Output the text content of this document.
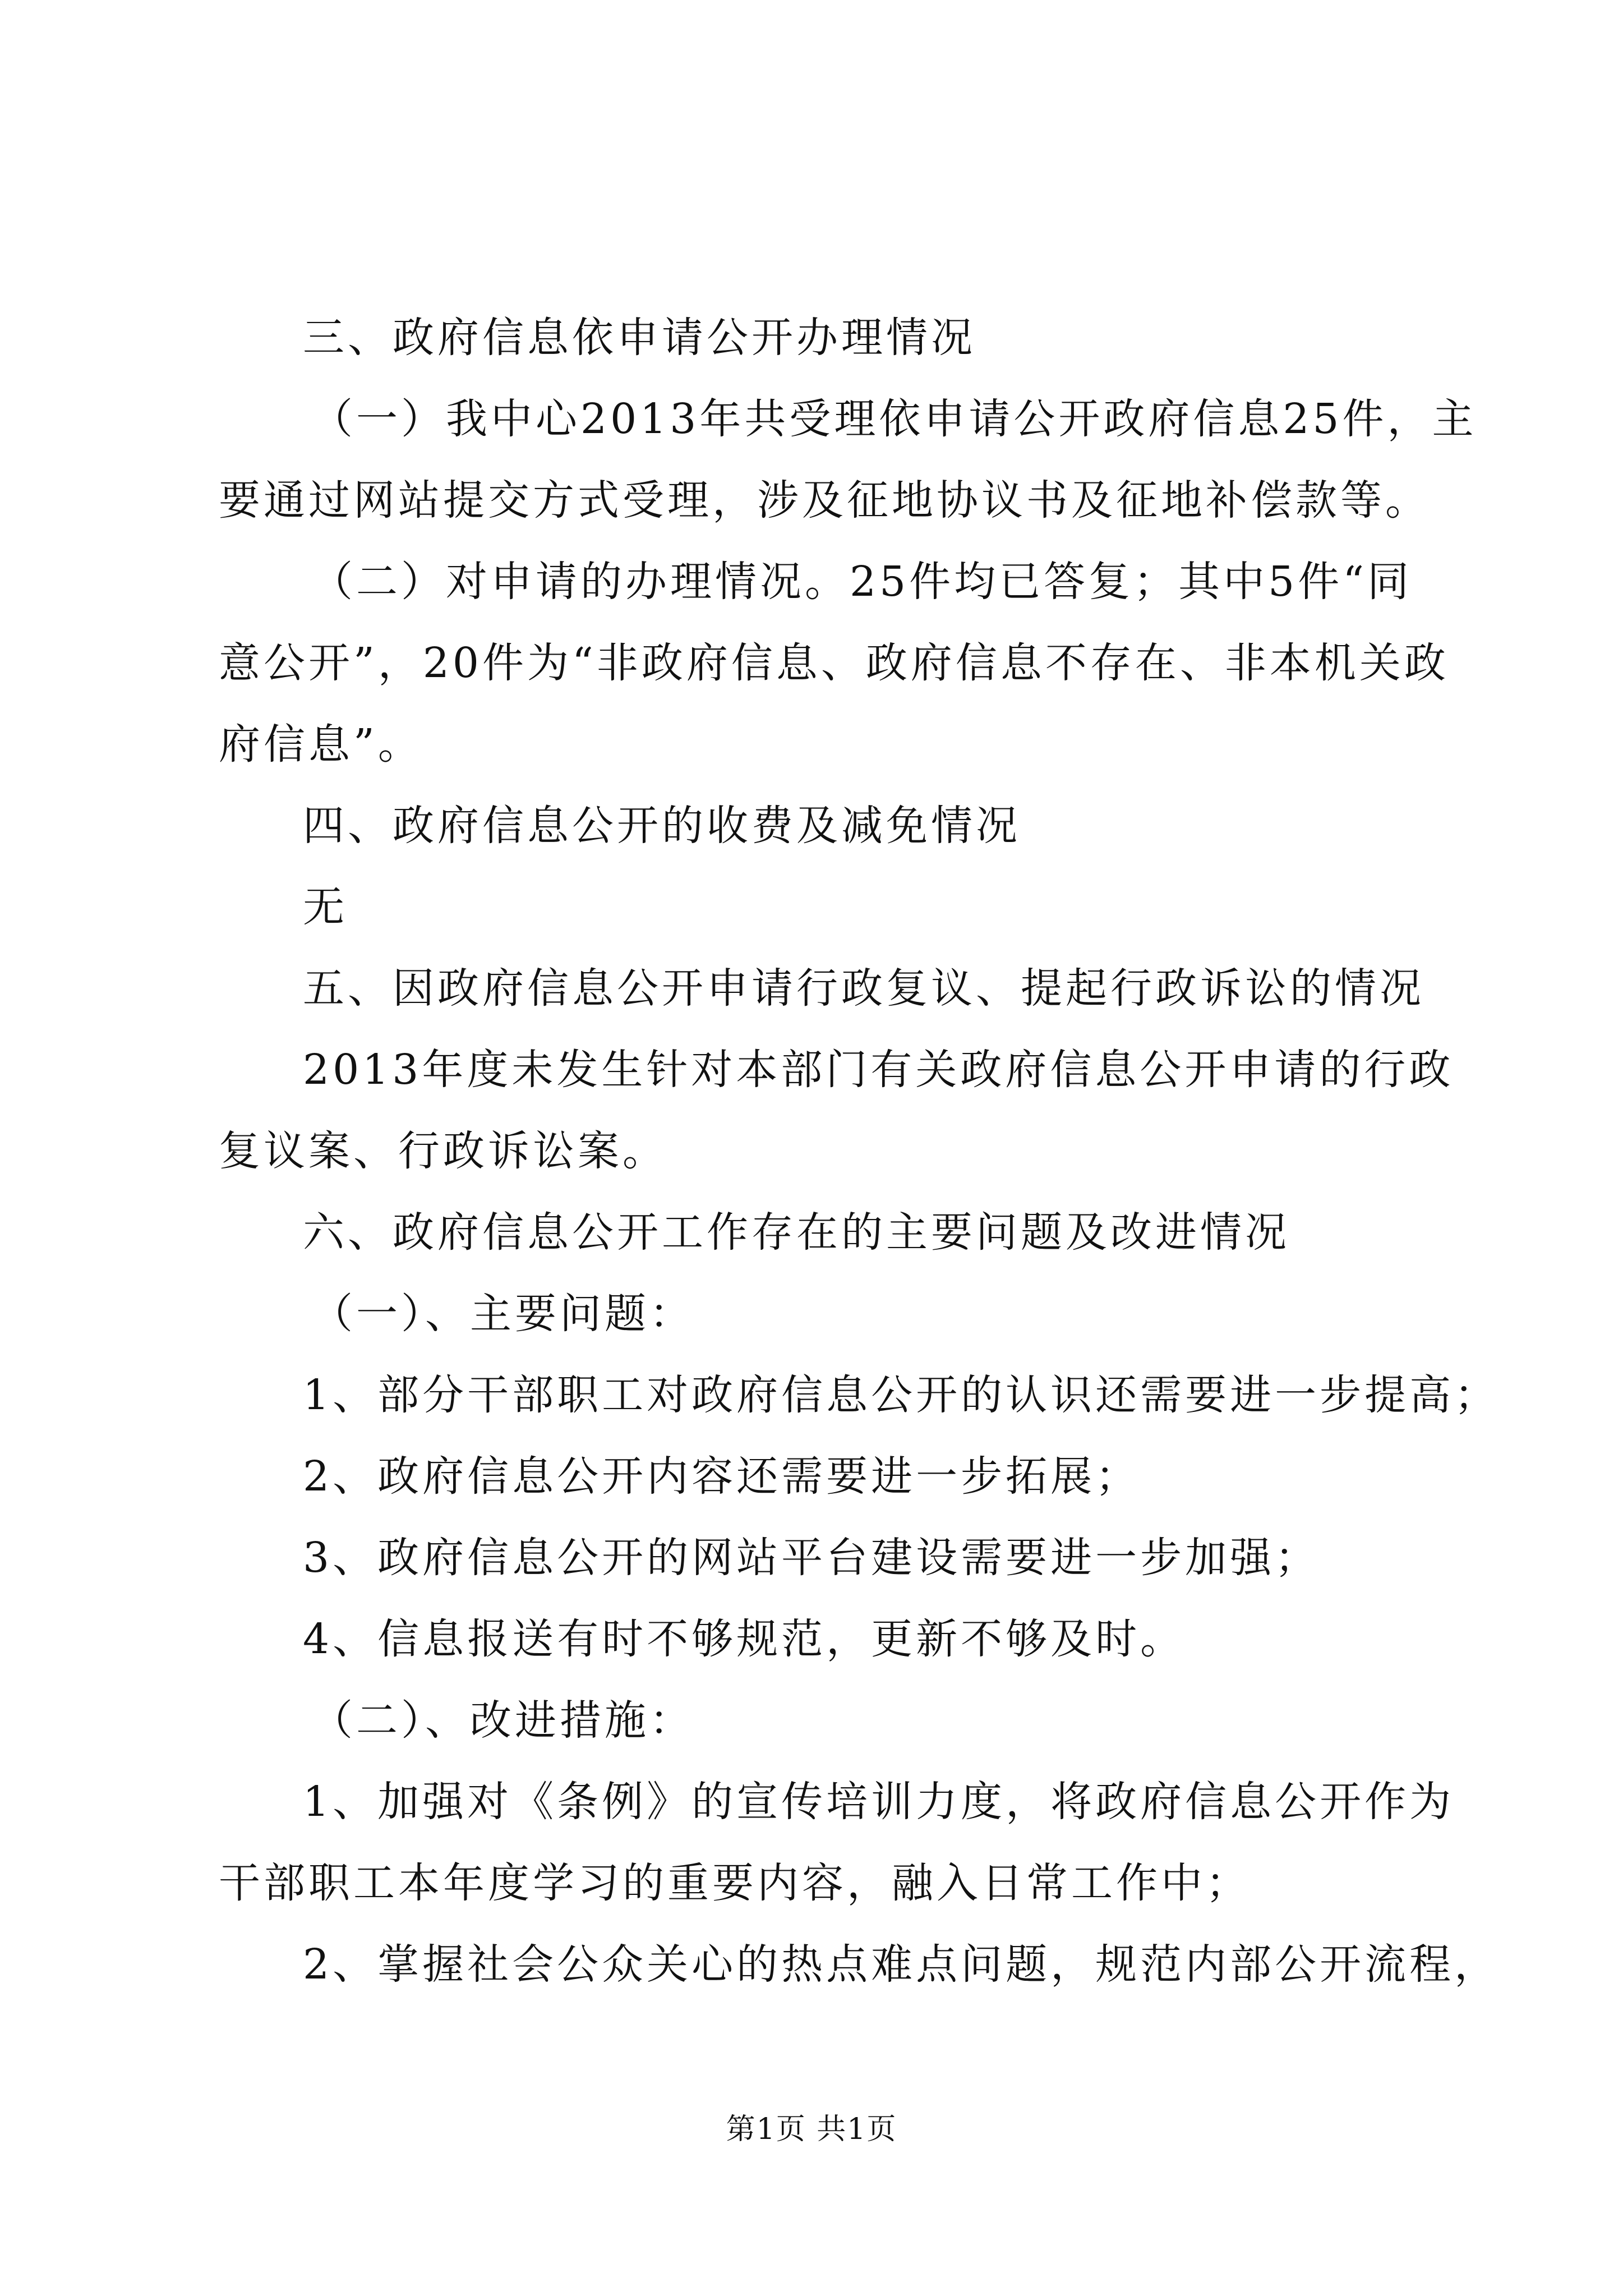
三、政府信息依申请公开办理情况
（一）我中心2013年共受理依申请公开政府信息25件，主
要通过网站提交方式受理，涉及征地协议书及征地补偿款等。
（二）对申请的办理情况。25件均已答复；其中5件“同
意公开”，20件为“非政府信息、政府信息不存在、非本机关政
府信息”。
四、政府信息公开的收费及减免情况
无
五、因政府信息公开申请行政复议、提起行政诉讼的情况
2013年度未发生针对本部门有关政府信息公开申请的行政
复议案、行政诉讼案。
六、政府信息公开工作存在的主要问题及改进情况
（一）、主要问题：
1、部分干部职工对政府信息公开的认识还需要进一步提高；
2、政府信息公开内容还需要进一步拓展；
3、政府信息公开的网站平台建设需要进一步加强；
4、信息报送有时不够规范，更新不够及时。
（二）、改进措施：
1、加强对《条例》的宣传培训力度，将政府信息公开作为
干部职工本年度学习的重要内容，融入日常工作中；
2、掌握社会公众关心的热点难点问题，规范内部公开流程，
第1页 共1页
